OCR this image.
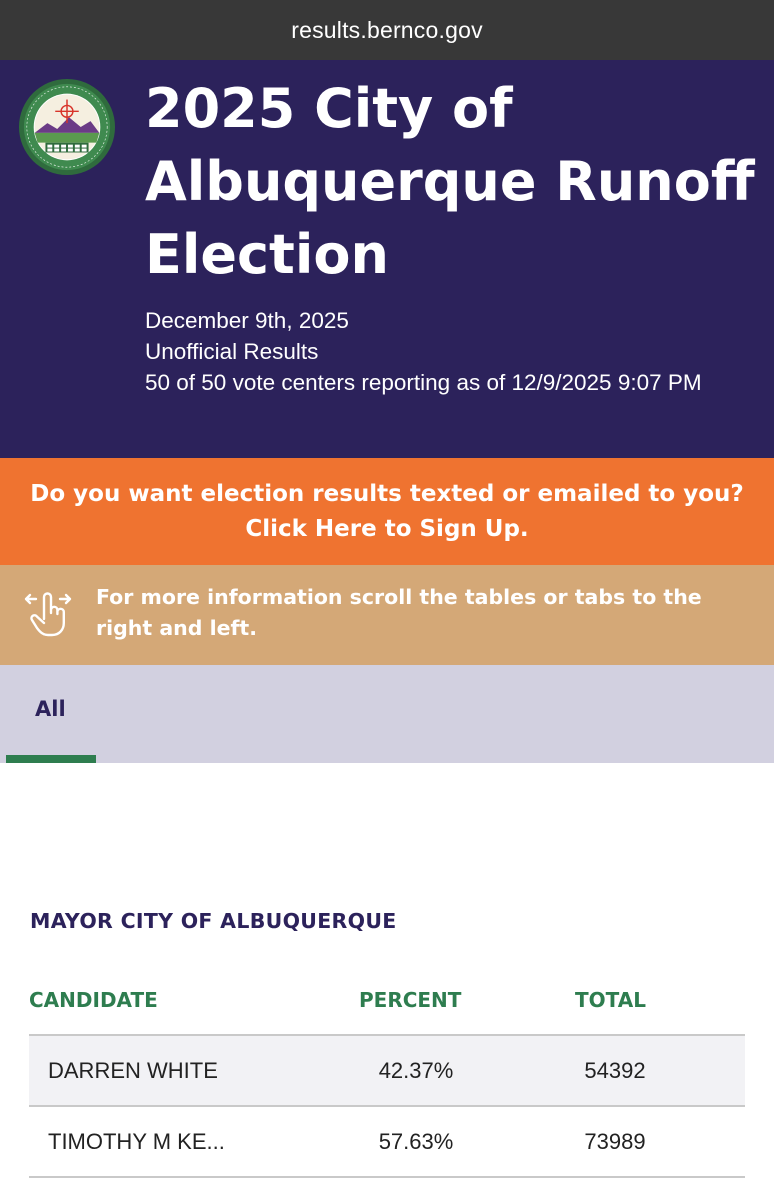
results.bernco.gov
2025 City of Albuquerque Runoff Election
December 9th, 2025
Unofficial Results
50 of 50 vote centers reporting as of 12/9/2025 9:07 PM
Do you want election results texted or emailed to you? Click Here to Sign Up.
For more information scroll the tables or tabs to the right and left.
All
MAYOR CITY OF ALBUQUERQUE
CANDIDATE	PERCENT	TOTAL
DARREN WHITE	42.37%	54392
TIMOTHY M KE...	57.63%	73989
